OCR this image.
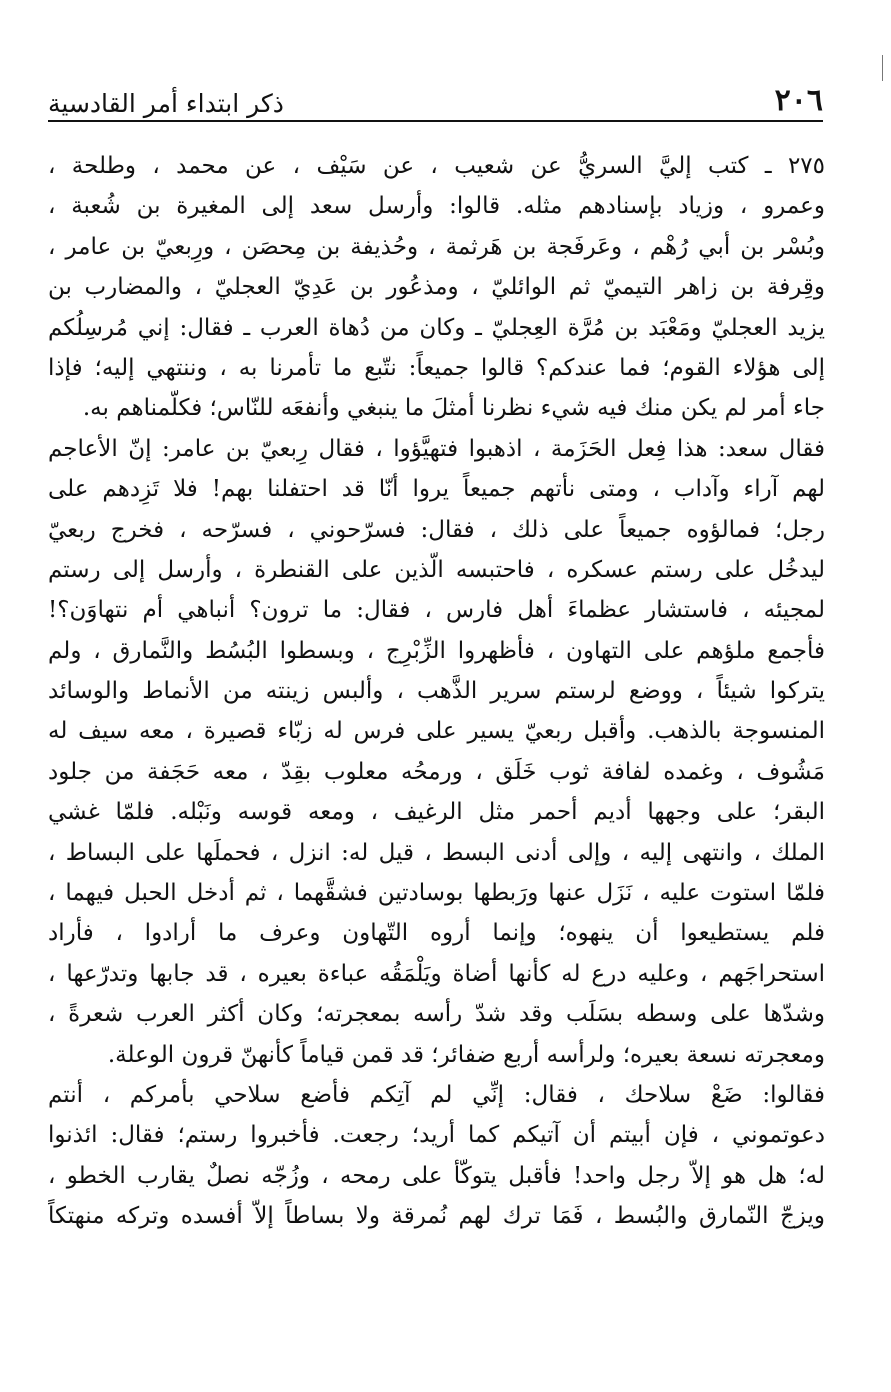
٢٠٦
ذكر ابتداء أمر القادسية
٢٧٥ ـ كتب إليَّ السريُّ عن شعيب ، عن سَيْف ، عن محمد ، وطلحة ،
وعمرو ، وزياد بإسنادهم مثله. قالوا: وأرسل سعد إلى المغيرة بن شُعبة ،
وبُسْر بن أبي رُهْم ، وعَرفَجة بن هَرثمة ، وحُذيفة بن مِحصَن ، ورِبعيّ بن عامر ،
وقِرفة بن زاهر التيميّ ثم الوائليّ ، ومذعُور بن عَدِيّ العجليّ ، والمضارب بن
يزيد العجليّ ومَعْبَد بن مُرَّة العِجليّ ـ وكان من دُهاة العرب ـ فقال: إني مُرسِلُكم
إلى هؤلاء القوم؛ فما عندكم؟ قالوا جميعاً: نتّبع ما تأمرنا به ، وننتهي إليه؛ فإذا
جاء أمر لم يكن منك فيه شيء نظرنا أمثلَ ما ينبغي وأنفعَه للنّاس؛ فكلّمناهم به.
فقال سعد: هذا فِعل الحَزَمة ، اذهبوا فتهيَّؤوا ، فقال رِبعيّ بن عامر: إنّ الأعاجم
لهم آراء وآداب ، ومتى نأتهم جميعاً يروا أنّا قد احتفلنا بهم! فلا تَزِدهم على
رجل؛ فمالؤوه جميعاً على ذلك ، فقال: فسرّحوني ، فسرّحه ، فخرج ربعيّ
ليدخُل على رستم عسكره ، فاحتبسه الّذين على القنطرة ، وأرسل إلى رستم
لمجيئه ، فاستشار عظماءَ أهل فارس ، فقال: ما ترون؟ أنباهي أم نتهاوَن؟!
فأجمع ملؤهم على التهاون ، فأظهروا الزِّبْرِج ، وبسطوا البُسُط والنَّمارق ، ولم
يتركوا شيئاً ، ووضع لرستم سرير الذَّهب ، وألبس زينته من الأنماط والوسائد
المنسوجة بالذهب. وأقبل ربعيّ يسير على فرس له زبّاء قصيرة ، معه سيف له
مَشُوف ، وغمده لفافة ثوب خَلَق ، ورمحُه معلوب بقِدّ ، معه حَجَفة من جلود
البقر؛ على وجهها أديم أحمر مثل الرغيف ، ومعه قوسه ونَبْله. فلمّا غشي
الملك ، وانتهى إليه ، وإلى أدنى البسط ، قيل له: انزل ، فحملَها على البساط ،
فلمّا استوت عليه ، نَزَل عنها ورَبطها بوسادتين فشقَّهما ، ثم أدخل الحبل فيهما ،
فلم يستطيعوا أن ينهوه؛ وإنما أروه التّهاون وعرف ما أرادوا ، فأراد
استحراجَهم ، وعليه درع له كأنها أضاة ويَلْمَقُه عباءة بعيره ، قد جابها وتدرّعها ،
وشدّها على وسطه بسَلَب وقد شدّ رأسه بمعجرته؛ وكان أكثر العرب شعرةً ،
ومعجرته نسعة بعيره؛ ولرأسه أربع ضفائر؛ قد قمن قياماً كأنهنّ قرون الوعلة.
فقالوا: ضَعْ سلاحك ، فقال: إنِّي لم آتِكم فأضع سلاحي بأمركم ، أنتم
دعوتموني ، فإن أبيتم أن آتيكم كما أريد؛ رجعت. فأخبروا رستم؛ فقال: ائذنوا
له؛ هل هو إلاّ رجل واحد! فأقبل يتوكّأ على رمحه ، وزُجّه نصلٌ يقارب الخطو ،
ويزجّ النّمارق والبُسط ، فَمَا ترك لهم نُمرقة ولا بساطاً إلاّ أفسده وتركه منهتكاً
